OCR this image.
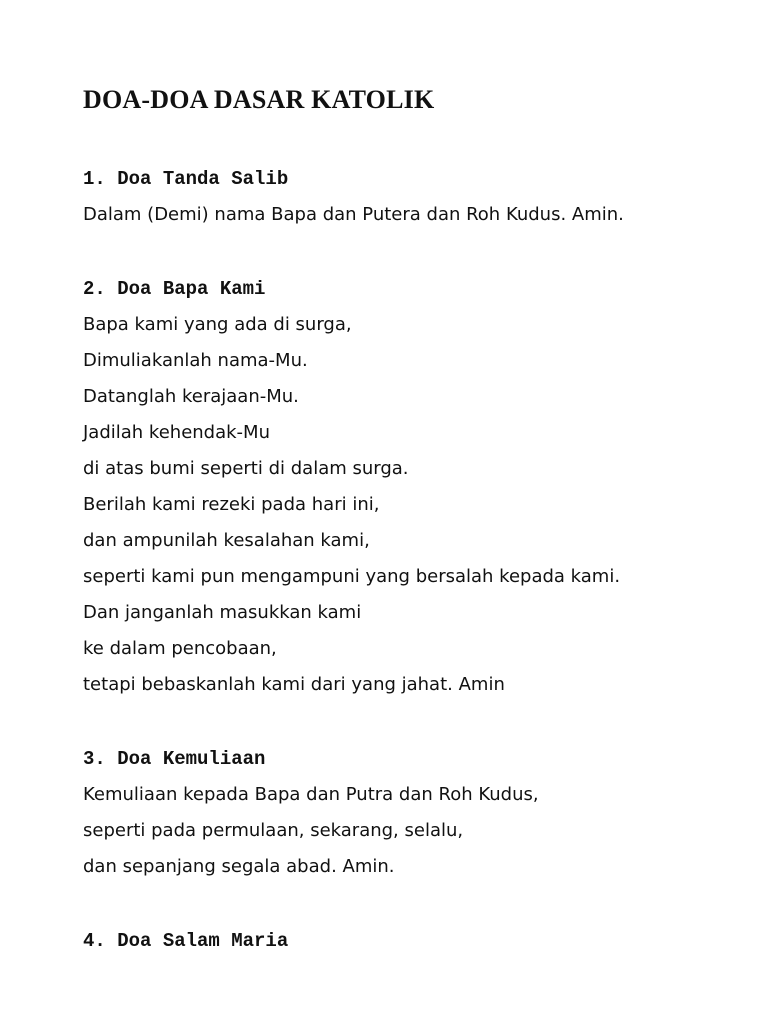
DOA-DOA DASAR KATOLIK
1. Doa Tanda Salib
Dalam (Demi) nama Bapa dan Putera dan Roh Kudus. Amin.
2. Doa Bapa Kami
Bapa kami yang ada di surga,
Dimuliakanlah nama-Mu.
Datanglah kerajaan-Mu.
Jadilah kehendak-Mu
di atas bumi seperti di dalam surga.
Berilah kami rezeki pada hari ini,
dan ampunilah kesalahan kami,
seperti kami pun mengampuni yang bersalah kepada kami.
Dan janganlah masukkan kami
ke dalam pencobaan,
tetapi bebaskanlah kami dari yang jahat. Amin
3. Doa Kemuliaan
Kemuliaan kepada Bapa dan Putra dan Roh Kudus,
seperti pada permulaan, sekarang, selalu,
dan sepanjang segala abad. Amin.
4. Doa Salam Maria
